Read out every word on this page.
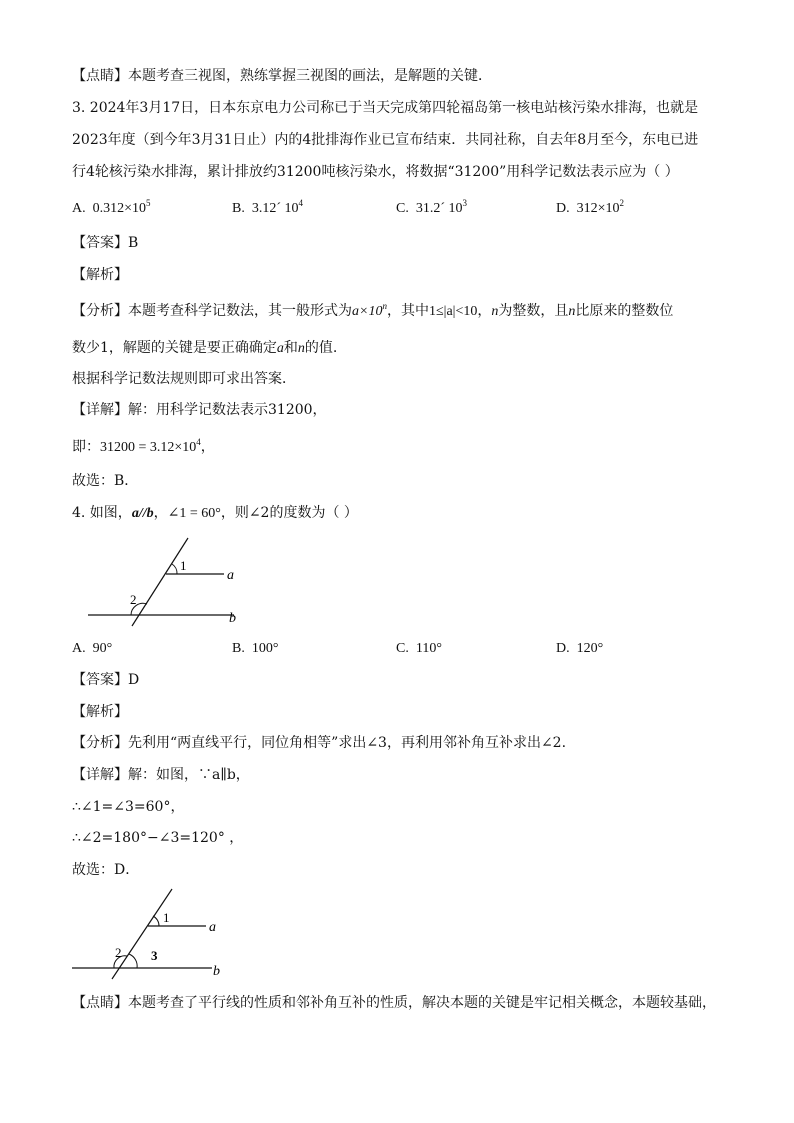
【点睛】本题考查三视图，熟练掌握三视图的画法，是解题的关键．
3. 2024年3月17日，日本东京电力公司称已于当天完成第四轮福岛第一核电站核污染水排海，也就是
2023年度（到今年3月31日止）内的4批排海作业已宣布结束．共同社称，自去年8月至今，东电已进
行4轮核污染水排海，累计排放约31200吨核污染水，将数据“31200”用科学记数法表示应为（ ）
A. $0.312\times 10^5$	B. 3.12´ $10^4$	C. 31.2´ $10^3$	D. $312\times 10^2$
【答案】B
【解析】
【分析】本题考查科学记数法，其一般形式为$a\times 10^n$，其中1≤|a|<10，n为整数，且n比原来的整数位
数少1，解题的关键是要正确确定a和n的值.
根据科学记数法规则即可求出答案．
【详解】解：用科学记数法表示31200，
即：$31200 = 3.12\times 10^4$，
故选：B．
4. 如图，a//b，∠1 = 60°，则∠2的度数为（ ）
1
2
a
b
A. 90°	B. 100°	C. 110°	D. 120°
【答案】D
【解析】
【分析】先利用“两直线平行，同位角相等”求出∠3，再利用邻补角互补求出∠2.
【详解】解：如图，∵a∥b，
∴∠1=∠3=60°，
∴∠2=180°−∠3=120° ，
故选：D．
1
2 3
a
b
【点睛】本题考查了平行线的性质和邻补角互补的性质，解决本题的关键是牢记相关概念，本题较基础，
